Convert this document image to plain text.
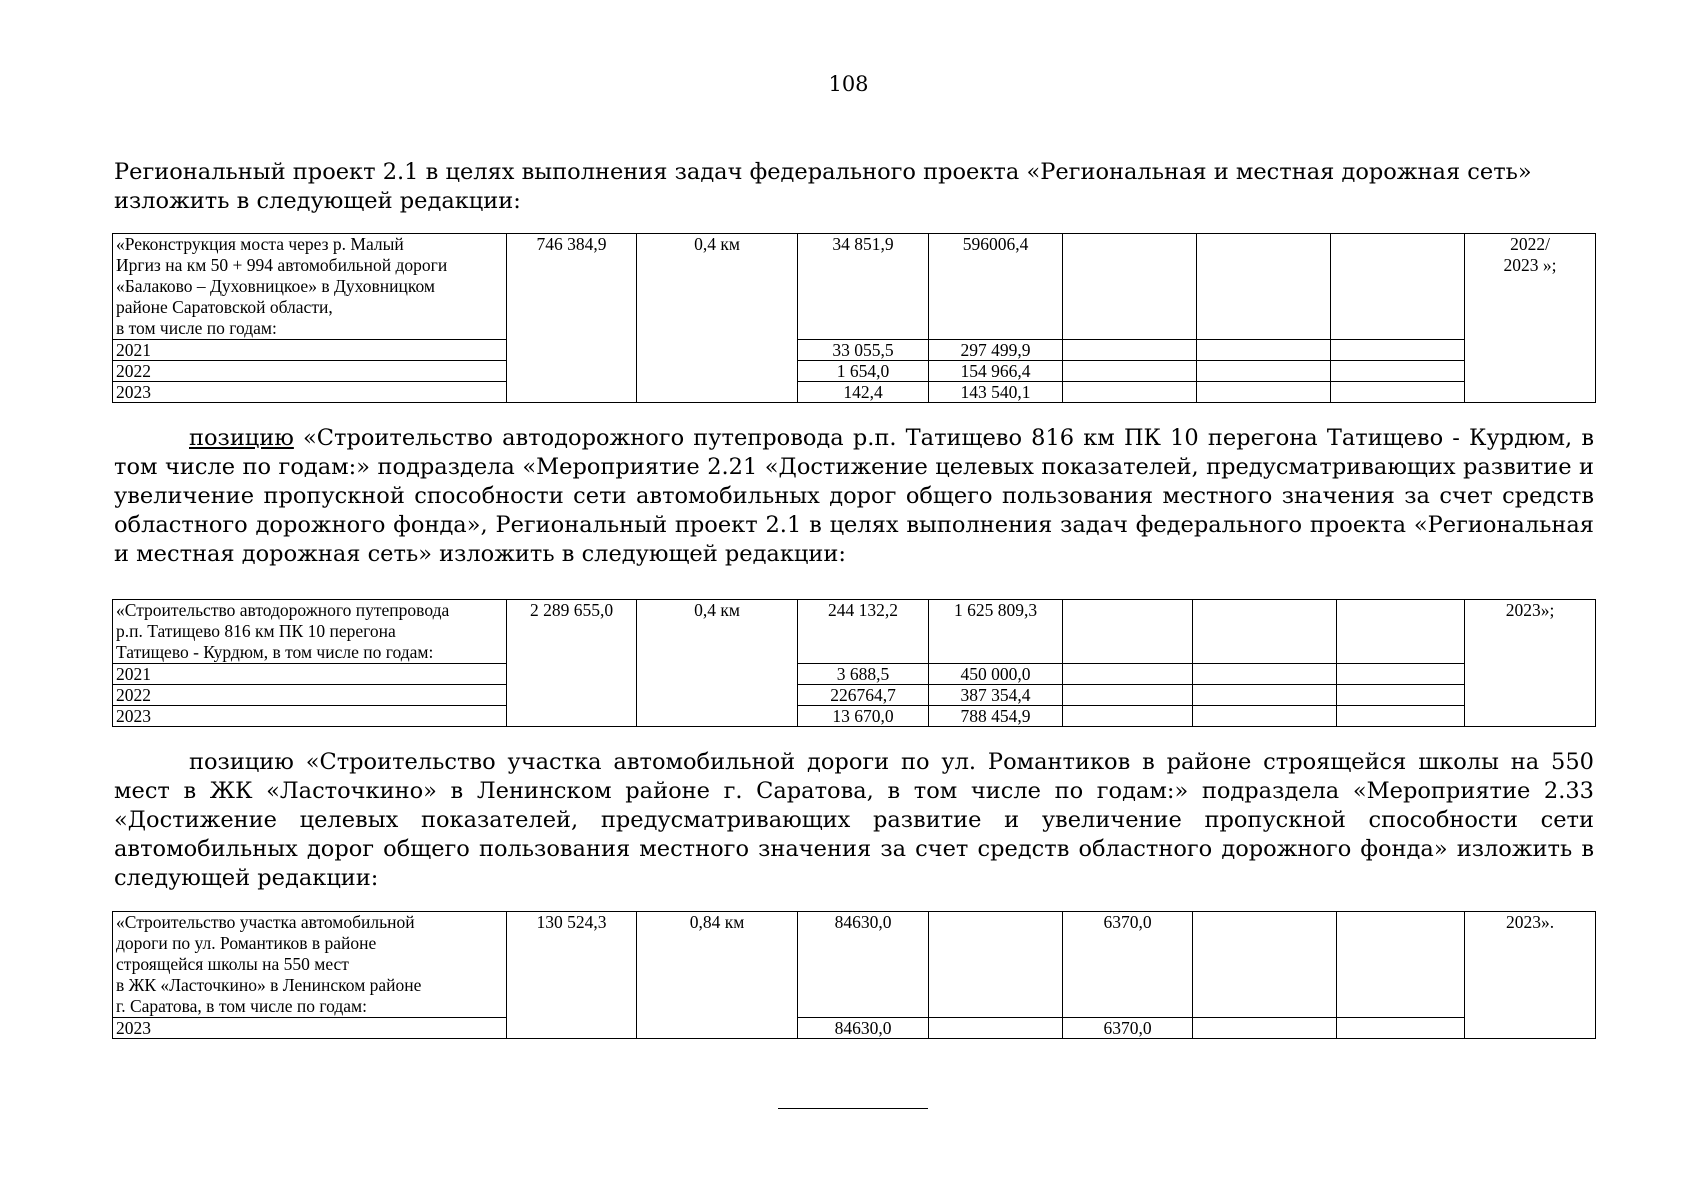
108

Региональный проект 2.1 в целях выполнения задач федерального проекта «Региональная и местная дорожная сеть»
изложить в следующей редакции:

«Реконструкция моста через р. Малый
Иргиз на км 50 + 994 автомобильной дороги
«Балаково – Духовницкое» в Духовницком
районе Саратовской области,
в том числе по годам:	746 384,9	0,4 км	34 851,9	596006,4				2022/
2023 »;
2021			33 055,5	297 499,9				
2022			1 654,0	154 966,4				
2023			142,4	143 540,1				

позицию «Строительство автодорожного путепровода р.п. Татищево 816 км ПК 10 перегона Татищево - Курдюм, в том числе по годам:» подраздела «Мероприятие 2.21 «Достижение целевых показателей, предусматривающих развитие и увеличение пропускной способности сети автомобильных дорог общего пользования местного значения за счет средств областного дорожного фонда», Региональный проект 2.1 в целях выполнения задач федерального проекта «Региональная и местная дорожная сеть» изложить в следующей редакции:

«Строительство автодорожного путепровода
р.п. Татищево 816 км ПК 10 перегона
Татищево - Курдюм, в том числе по годам:	2 289 655,0	0,4 км	244 132,2	1 625 809,3				2023»;
2021			3 688,5	450 000,0				
2022			226764,7	387 354,4				
2023			13 670,0	788 454,9				

позицию «Строительство участка автомобильной дороги по ул. Романтиков в районе строящейся школы на 550 мест в ЖК «Ласточкино» в Ленинском районе г. Саратова, в том числе по годам:» подраздела «Мероприятие 2.33 «Достижение целевых показателей, предусматривающих развитие и увеличение пропускной способности сети автомобильных дорог общего пользования местного значения за счет средств областного дорожного фонда» изложить в следующей редакции:

«Строительство участка автомобильной
дороги по ул. Романтиков в районе
строящейся школы на 550 мест
в ЖК «Ласточкино» в Ленинском районе
г. Саратова, в том числе по годам:	130 524,3	0,84 км	84630,0		6370,0			2023».
2023			84630,0		6370,0			
